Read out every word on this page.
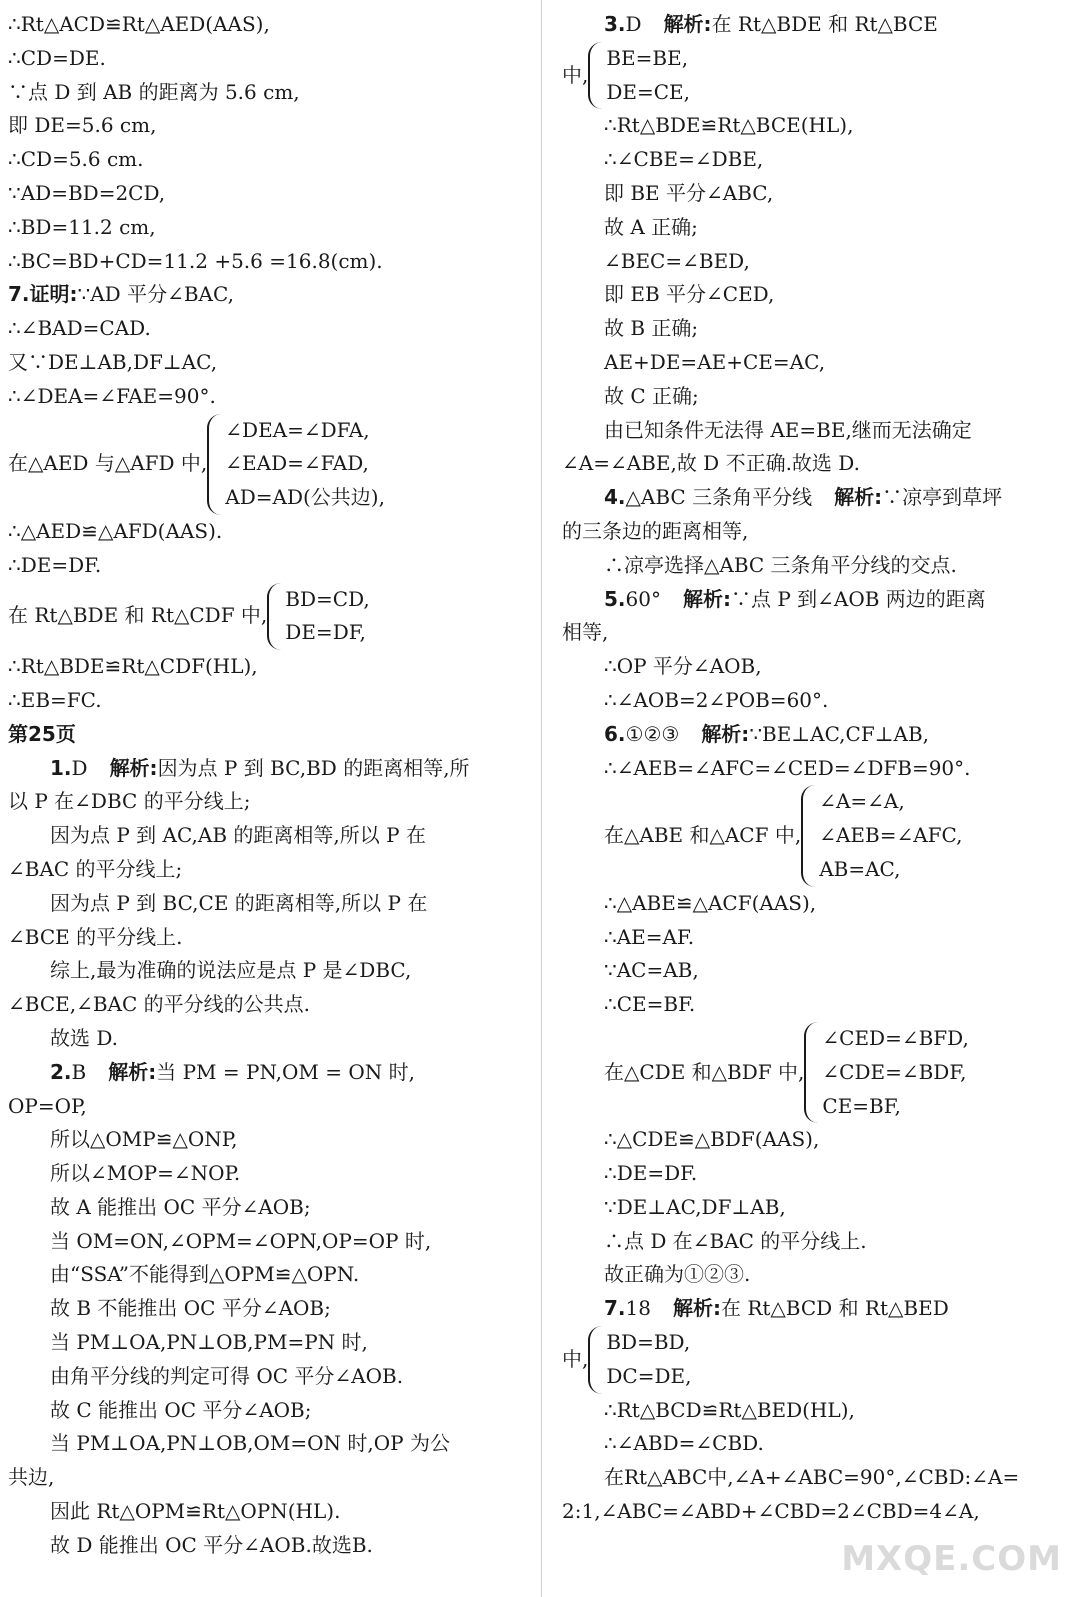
∴Rt△ACD≌Rt△AED(AAS),
∴CD=DE.
∵点 D 到 AB 的距离为 5.6 cm,
即 DE=5.6 cm,
∴CD=5.6 cm.
∵AD=BD=2CD,
∴BD=11.2 cm,
∴BC=BD+CD=11.2 +5.6 =16.8(cm).
7.证明:∵AD 平分∠BAC,
∴∠BAD=CAD.
又∵DE⊥AB,DF⊥AC,
∴∠DEA=∠FAE=90°.
在△AED 与△AFD 中,
∠DEA=∠DFA,
∠EAD=∠FAD,
AD=AD(公共边),
∴△AED≌△AFD(AAS).
∴DE=DF.
在 Rt△BDE 和 Rt△CDF 中,
BD=CD,
DE=DF,
∴Rt△BDE≌Rt△CDF(HL),
∴EB=FC.
第25页
1.D 解析:因为点 P 到 BC,BD 的距离相等,所
以 P 在∠DBC 的平分线上;
因为点 P 到 AC,AB 的距离相等,所以 P 在
∠BAC 的平分线上;
因为点 P 到 BC,CE 的距离相等,所以 P 在
∠BCE 的平分线上.
综上,最为准确的说法应是点 P 是∠DBC,
∠BCE,∠BAC 的平分线的公共点.
故选 D.
2.B 解析:当 PM = PN,OM = ON 时,
OP=OP,
所以△OMP≌△ONP,
所以∠MOP=∠NOP.
故 A 能推出 OC 平分∠AOB;
当 OM=ON,∠OPM=∠OPN,OP=OP 时,
由“SSA”不能得到△OPM≌△OPN.
故 B 不能推出 OC 平分∠AOB;
当 PM⊥OA,PN⊥OB,PM=PN 时,
由角平分线的判定可得 OC 平分∠AOB.
故 C 能推出 OC 平分∠AOB;
当 PM⊥OA,PN⊥OB,OM=ON 时,OP 为公
共边,
因此 Rt△OPM≌Rt△OPN(HL).
故 D 能推出 OC 平分∠AOB.故选B.
3.D 解析:在 Rt△BDE 和 Rt△BCE
中,
BE=BE,
DE=CE,
∴Rt△BDE≌Rt△BCE(HL),
∴∠CBE=∠DBE,
即 BE 平分∠ABC,
故 A 正确;
∠BEC=∠BED,
即 EB 平分∠CED,
故 B 正确;
AE+DE=AE+CE=AC,
故 C 正确;
由已知条件无法得 AE=BE,继而无法确定
∠A=∠ABE,故 D 不正确.故选 D.
4.△ABC 三条角平分线 解析:∵凉亭到草坪
的三条边的距离相等,
∴凉亭选择△ABC 三条角平分线的交点.
5.60° 解析:∵点 P 到∠AOB 两边的距离
相等,
∴OP 平分∠AOB,
∴∠AOB=2∠POB=60°.
6.①②③ 解析:∵BE⊥AC,CF⊥AB,
∴∠AEB=∠AFC=∠CED=∠DFB=90°.
在△ABE 和△ACF 中,
∠A=∠A,
∠AEB=∠AFC,
AB=AC,
∴△ABE≌△ACF(AAS),
∴AE=AF.
∵AC=AB,
∴CE=BF.
在△CDE 和△BDF 中,
∠CED=∠BFD,
∠CDE=∠BDF,
CE=BF,
∴△CDE≌△BDF(AAS),
∴DE=DF.
∵DE⊥AC,DF⊥AB,
∴点 D 在∠BAC 的平分线上.
故正确为①②③.
7.18 解析:在 Rt△BCD 和 Rt△BED
中,
BD=BD,
DC=DE,
∴Rt△BCD≌Rt△BED(HL),
∴∠ABD=∠CBD.
在Rt△ABC中,∠A+∠ABC=90°,∠CBD:∠A=
2:1,∠ABC=∠ABD+∠CBD=2∠CBD=4∠A,
MXQE.COM
